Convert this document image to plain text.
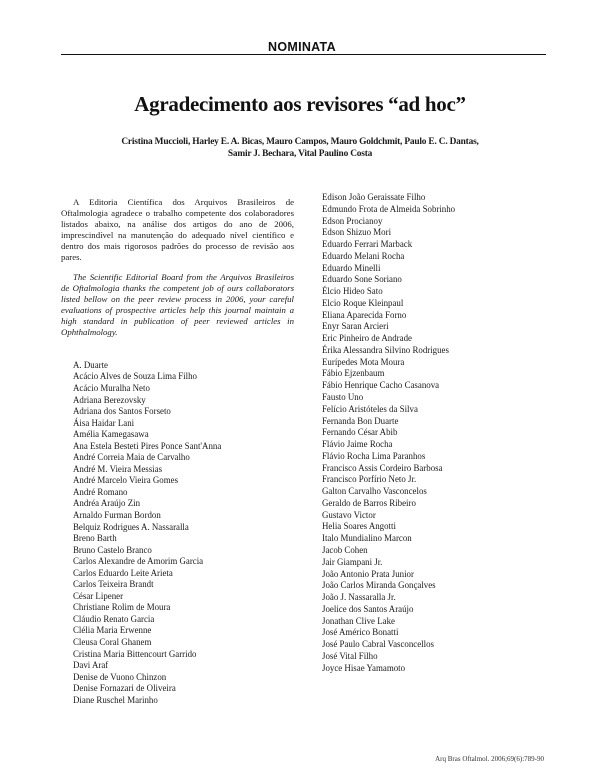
NOMINATA
Agradecimento aos revisores “ad hoc”
Cristina Muccioli, Harley E. A. Bicas, Mauro Campos, Mauro Goldchmit, Paulo E. C. Dantas, Samir J. Bechara, Vital Paulino Costa

A Editoria Científica dos Arquivos Brasileiros de Oftalmologia agradece o trabalho competente dos colaboradores listados abaixo, na análise dos artigos do ano de 2006, imprescindível na manutenção do adequado nível científico e dentro dos mais rigorosos padrões do processo de revisão aos pares.

The Scientific Editorial Board from the Arquivos Brasileiros de Oftalmologia thanks the competent job of ours collaborators listed bellow on the peer review process in 2006, your careful evaluations of prospective articles help this journal maintain a high standard in publication of peer reviewed articles in Ophthalmology.

A. Duarte
Acácio Alves de Souza Lima Filho
Acácio Muralha Neto
Adriana Berezovsky
Adriana dos Santos Forseto
Áisa Haidar Lani
Amélia Kamegasawa
Ana Estela Besteti Pires Ponce Sant'Anna
André Correia Maia de Carvalho
André M. Vieira Messias
André Marcelo Vieira Gomes
André Romano
Andréa Araújo Zin
Arnaldo Furman Bordon
Belquiz Rodrigues A. Nassaralla
Breno Barth
Bruno Castelo Branco
Carlos Alexandre de Amorim Garcia
Carlos Eduardo Leite Arieta
Carlos Teixeira Brandt
César Lipener
Christiane Rolim de Moura
Cláudio Renato Garcia
Clélia Maria Erwenne
Cleusa Coral Ghanem
Cristina Maria Bittencourt Garrido
Davi Araf
Denise de Vuono Chinzon
Denise Fornazari de Oliveira
Diane Ruschel Marinho
Edison João Geraissate Filho
Edmundo Frota de Almeida Sobrinho
Edson Procianoy
Edson Shizuo Mori
Eduardo Ferrari Marback
Eduardo Melani Rocha
Eduardo Minelli
Eduardo Sone Soriano
Élcio Hideo Sato
Elcio Roque Kleinpaul
Eliana Aparecida Forno
Enyr Saran Arcieri
Eric Pinheiro de Andrade
Érika Alessandra Silvino Rodrigues
Eurípedes Mota Moura
Fábio Ejzenbaum
Fábio Henrique Cacho Casanova
Fausto Uno
Felício Aristóteles da Silva
Fernanda Bon Duarte
Fernando César Abib
Flávio Jaime Rocha
Flávio Rocha Lima Paranhos
Francisco Assis Cordeiro Barbosa
Francisco Porfírio Neto Jr.
Galton Carvalho Vasconcelos
Geraldo de Barros Ribeiro
Gustavo Victor
Helia Soares Angotti
Italo Mundialino Marcon
Jacob Cohen
Jair Giampani Jr.
João Antonio Prata Junior
João Carlos Miranda Gonçalves
João J. Nassaralla Jr.
Joelice dos Santos Araújo
Jonathan Clive Lake
José Américo Bonatti
José Paulo Cabral Vasconcellos
José Vital Filho
Joyce Hisae Yamamoto
Arq Bras Oftalmol. 2006;69(6):789-90
